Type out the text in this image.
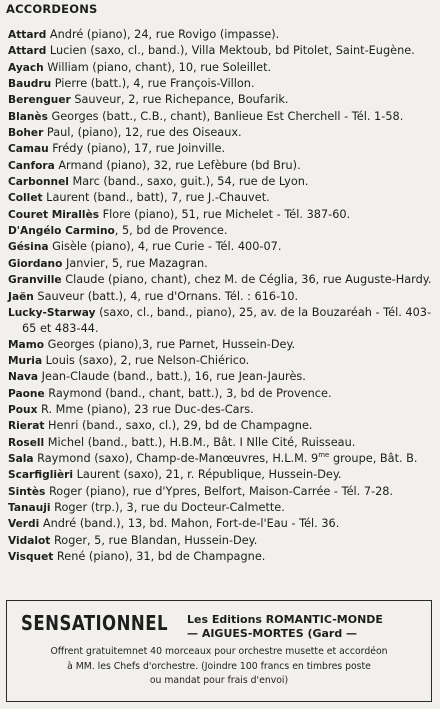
ACCORDEONS
Attard André (piano), 24, rue Rovigo (impasse).
Attard Lucien (saxo, cl., band.), Villa Mektoub, bd Pitolet, Saint-Eugène.
Ayach William (piano, chant), 10, rue Soleillet.
Baudru Pierre (batt.), 4, rue François-Villon.
Berenguer Sauveur, 2, rue Richepance, Boufarik.
Blanès Georges (batt., C.B., chant), Banlieue Est Cherchell - Tél. 1-58.
Boher Paul, (piano), 12, rue des Oiseaux.
Camau Frédy (piano), 17, rue Joinville.
Canfora Armand (piano), 32, rue Lefèbure (bd Bru).
Carbonnel Marc (band., saxo, guit.), 54, rue de Lyon.
Collet Laurent (band., batt), 7, rue J.-Chauvet.
Couret Mirallès Flore (piano), 51, rue Michelet - Tél. 387-60.
D'Angélo Carmino, 5, bd de Provence.
Gésina Gisèle (piano), 4, rue Curie - Tél. 400-07.
Giordano Janvier, 5, rue Mazagran.
Granville Claude (piano, chant), chez M. de Céglia, 36, rue Auguste-Hardy.
Jaën Sauveur (batt.), 4, rue d'Ornans. Tél. : 616-10.
Lucky-Starway (saxo, cl., band., piano), 25, av. de la Bouzaréah - Tél. 403-65 et 483-44.
Mamo Georges (piano),3, rue Parnet, Hussein-Dey.
Muria Louis (saxo), 2, rue Nelson-Chiérico.
Nava Jean-Claude (band., batt.), 16, rue Jean-Jaurès.
Paone Raymond (band., chant, batt.), 3, bd de Provence.
Poux R. Mme (piano), 23 rue Duc-des-Cars.
Rierat Henri (band., saxo, cl.), 29, bd de Champagne.
Rosell Michel (band., batt.), H.B.M., Bât. I Nlle Cité, Ruisseau.
Sala Raymond (saxo), Champ-de-Manœuvres, H.L.M. $9^{me}$ groupe, Bât. B.
Scarfiglièri Laurent (saxo), 21, r. République, Hussein-Dey.
Sintès Roger (piano), rue d'Ypres, Belfort, Maison-Carrée - Tél. 7-28.
Tanauji Roger (trp.), 3, rue du Docteur-Calmette.
Verdi André (band.), 13, bd. Mahon, Fort-de-l'Eau - Tél. 36.
Vidalot Roger, 5, rue Blandan, Hussein-Dey.
Visquet René (piano), 31, bd de Champagne.
SENSATIONNEL Les Editions ROMANTIC-MONDE
— AIGUES-MORTES (Gard —
Offrent gratuitemnet 40 morceaux pour orchestre musette et accordéon
à MM. les Chefs d'orchestre. (Joindre 100 francs en timbres poste
ou mandat pour frais d'envoi)
